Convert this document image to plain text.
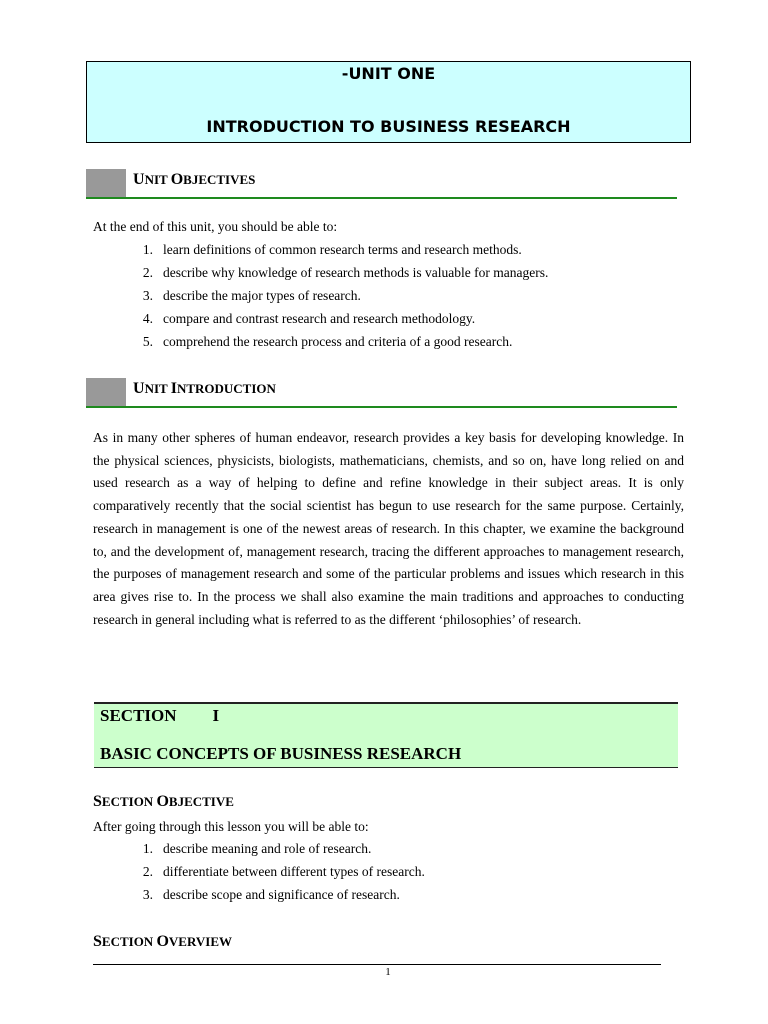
-UNIT ONE
INTRODUCTION TO BUSINESS RESEARCH
UNIT OBJECTIVES
At the end of this unit, you should be able to:
1. learn definitions of common research terms and research methods.
2. describe why knowledge of research methods is valuable for managers.
3. describe the major types of research.
4. compare and contrast research and research methodology.
5. comprehend the research process and criteria of a good research.
UNIT INTRODUCTION
As in many other spheres of human endeavor, research provides a key basis for developing knowledge. In the physical sciences, physicists, biologists, mathematicians, chemists, and so on, have long relied on and used research as a way of helping to define and refine knowledge in their subject areas. It is only comparatively recently that the social scientist has begun to use research for the same purpose. Certainly, research in management is one of the newest areas of research. In this chapter, we examine the background to, and the development of, management research, tracing the different approaches to management research, the purposes of management research and some of the particular problems and issues which research in this area gives rise to. In the process we shall also examine the main traditions and approaches to conducting research in general including what is referred to as the different ‘philosophies’ of research.
SECTION I
BASIC CONCEPTS OF BUSINESS RESEARCH
SECTION OBJECTIVE
After going through this lesson you will be able to:
1. describe meaning and role of research.
2. differentiate between different types of research.
3. describe scope and significance of research.
SECTION OVERVIEW
1
